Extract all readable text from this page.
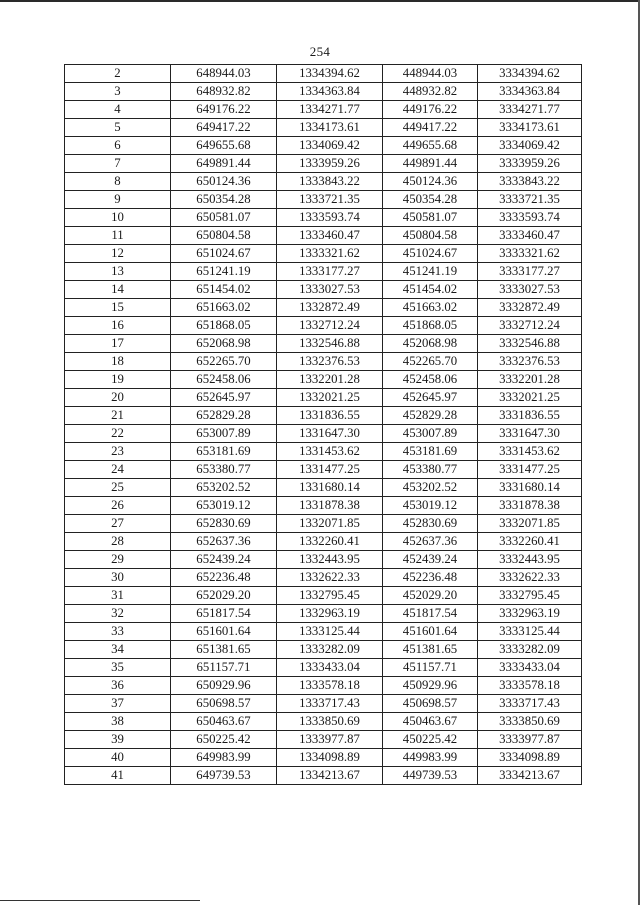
254
2	648944.03	1334394.62	448944.03	3334394.62
3	648932.82	1334363.84	448932.82	3334363.84
4	649176.22	1334271.77	449176.22	3334271.77
5	649417.22	1334173.61	449417.22	3334173.61
6	649655.68	1334069.42	449655.68	3334069.42
7	649891.44	1333959.26	449891.44	3333959.26
8	650124.36	1333843.22	450124.36	3333843.22
9	650354.28	1333721.35	450354.28	3333721.35
10	650581.07	1333593.74	450581.07	3333593.74
11	650804.58	1333460.47	450804.58	3333460.47
12	651024.67	1333321.62	451024.67	3333321.62
13	651241.19	1333177.27	451241.19	3333177.27
14	651454.02	1333027.53	451454.02	3333027.53
15	651663.02	1332872.49	451663.02	3332872.49
16	651868.05	1332712.24	451868.05	3332712.24
17	652068.98	1332546.88	452068.98	3332546.88
18	652265.70	1332376.53	452265.70	3332376.53
19	652458.06	1332201.28	452458.06	3332201.28
20	652645.97	1332021.25	452645.97	3332021.25
21	652829.28	1331836.55	452829.28	3331836.55
22	653007.89	1331647.30	453007.89	3331647.30
23	653181.69	1331453.62	453181.69	3331453.62
24	653380.77	1331477.25	453380.77	3331477.25
25	653202.52	1331680.14	453202.52	3331680.14
26	653019.12	1331878.38	453019.12	3331878.38
27	652830.69	1332071.85	452830.69	3332071.85
28	652637.36	1332260.41	452637.36	3332260.41
29	652439.24	1332443.95	452439.24	3332443.95
30	652236.48	1332622.33	452236.48	3332622.33
31	652029.20	1332795.45	452029.20	3332795.45
32	651817.54	1332963.19	451817.54	3332963.19
33	651601.64	1333125.44	451601.64	3333125.44
34	651381.65	1333282.09	451381.65	3333282.09
35	651157.71	1333433.04	451157.71	3333433.04
36	650929.96	1333578.18	450929.96	3333578.18
37	650698.57	1333717.43	450698.57	3333717.43
38	650463.67	1333850.69	450463.67	3333850.69
39	650225.42	1333977.87	450225.42	3333977.87
40	649983.99	1334098.89	449983.99	3334098.89
41	649739.53	1334213.67	449739.53	3334213.67
